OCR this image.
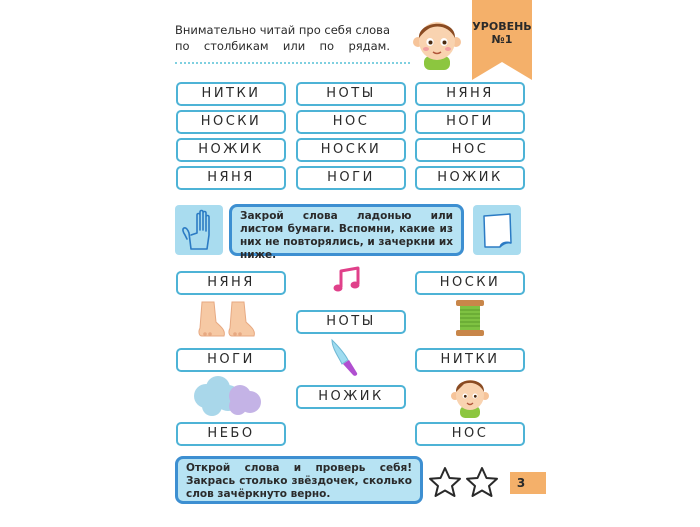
Внимательно читай про себя слова по столбикам или по рядам.
УРОВЕНЬ
№1
НИТКИ	НОТЫ	НЯНЯ
НОСКИ	НОС	НОГИ
НОЖИК	НОСКИ	НОС
НЯНЯ	НОГИ	НОЖИК
Закрой слова ладонью или листом бумаги. Вспомни, какие из них не повторялись, и зачеркни их ниже.
НЯНЯ	НОСКИ
НОТЫ
НОГИ	НИТКИ
НОЖИК
НЕБО	НОС
Открой слова и проверь себя! Закрась столько звёздочек, сколько слов зачёркнуто верно.
3
